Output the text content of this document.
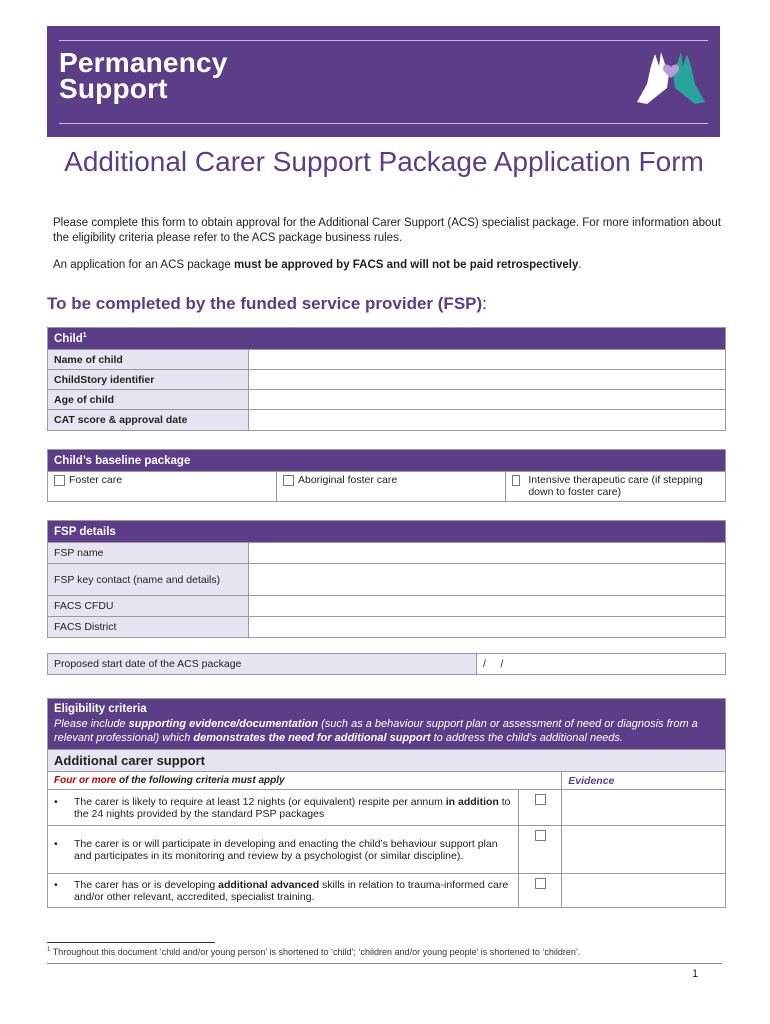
Permanency
Support
Additional Carer Support Package Application Form
Please complete this form to obtain approval for the Additional Carer Support (ACS) specialist package. For more information about the eligibility criteria please refer to the ACS package business rules.
An application for an ACS package must be approved by FACS and will not be paid retrospectively.
To be completed by the funded service provider (FSP):
Child$^1$
Name of child	
ChildStory identifier	
Age of child	
CAT score & approval date	
Child’s baseline package
Foster care	Aboriginal foster care	Intensive therapeutic care (if stepping down to foster care)
FSP details	
FSP name	
FSP key contact (name and details)	
FACS CFDU	
FACS District	
Proposed start date of the ACS package	/     /
Eligibility criteria
Please include supporting evidence/documentation (such as a behaviour support plan or assessment of need or diagnosis from a relevant professional) which demonstrates the need for additional support to address the child’s additional needs.		

Additional carer support		
Four or more of the following criteria must apply		Evidence

• The carer is likely to require at least 12 nights (or equivalent) respite per annum in addition to the 24 nights provided by the standard PSP packages		

• The carer is or will participate in developing and enacting the child’s behaviour support plan and participates in its monitoring and review by a psychologist (or similar discipline).		

• The carer has or is developing additional advanced skills in relation to trauma-informed care and/or other relevant, accredited, specialist training.		

$^1$ Throughout this document ‘child and/or young person’ is shortened to ‘child’; ‘children and/or young people’ is shortened to ‘children’.
1
